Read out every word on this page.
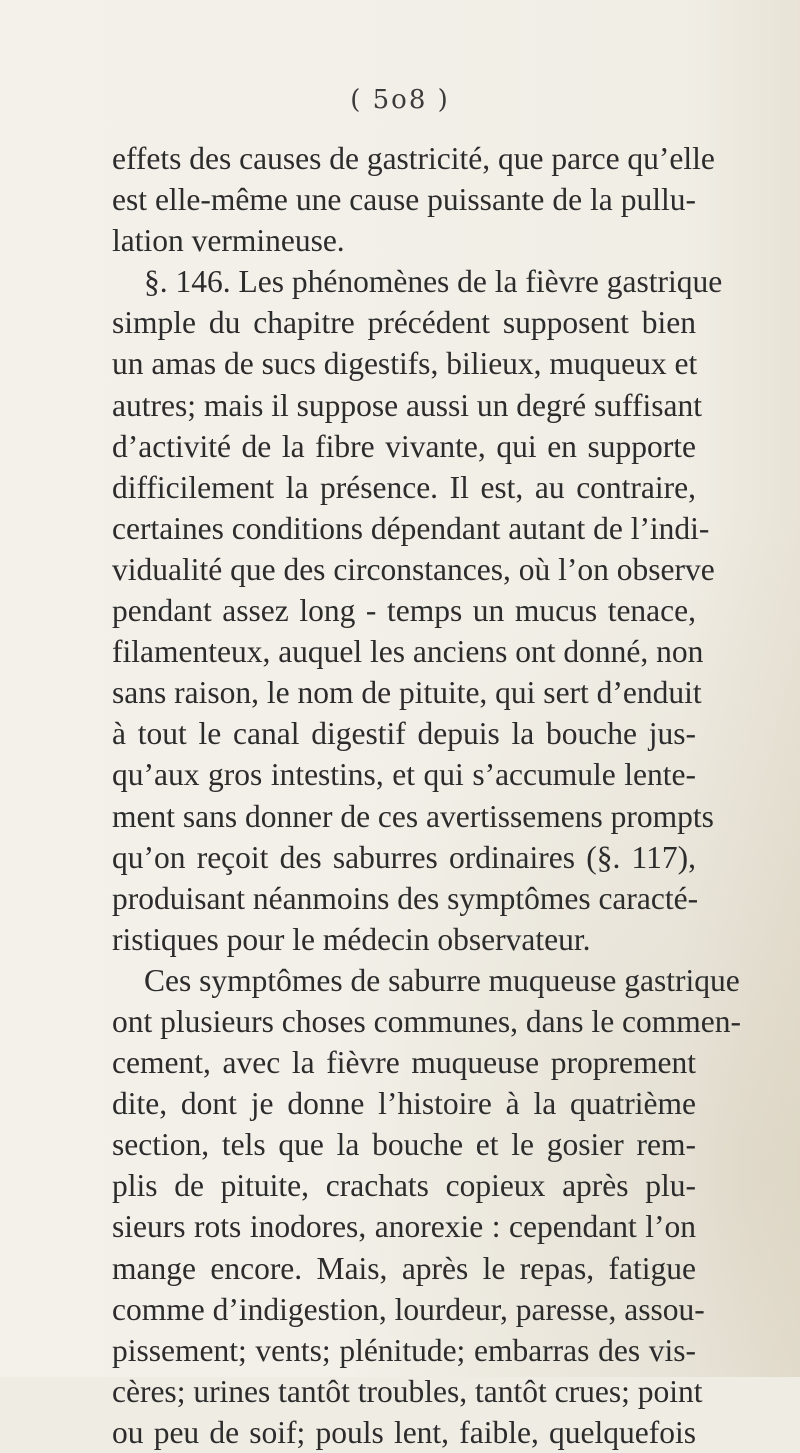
( 5o8 )
effets des causes de gastricité, que parce qu’elle
est elle-même une cause puissante de la pullu-
lation vermineuse.
§. 146. Les phénomènes de la fièvre gastrique
simple du chapitre précédent supposent bien
un amas de sucs digestifs, bilieux, muqueux et
autres; mais il suppose aussi un degré suffisant
d’activité de la fibre vivante, qui en supporte
difficilement la présence. Il est, au contraire,
certaines conditions dépendant autant de l’indi-
vidualité que des circonstances, où l’on observe
pendant assez long - temps un mucus tenace,
filamenteux, auquel les anciens ont donné, non
sans raison, le nom de pituite, qui sert d’enduit
à tout le canal digestif depuis la bouche jus-
qu’aux gros intestins, et qui s’accumule lente-
ment sans donner de ces avertissemens prompts
qu’on reçoit des saburres ordinaires (§. 117),
produisant néanmoins des symptômes caracté-
ristiques pour le médecin observateur.
Ces symptômes de saburre muqueuse gastrique
ont plusieurs choses communes, dans le commen-
cement, avec la fièvre muqueuse proprement
dite, dont je donne l’histoire à la quatrième
section, tels que la bouche et le gosier rem-
plis de pituite, crachats copieux après plu-
sieurs rots inodores, anorexie : cependant l’on
mange encore. Mais, après le repas, fatigue
comme d’indigestion, lourdeur, paresse, assou-
pissement; vents; plénitude; embarras des vis-
cères; urines tantôt troubles, tantôt crues; point
ou peu de soif; pouls lent, faible, quelquefois
